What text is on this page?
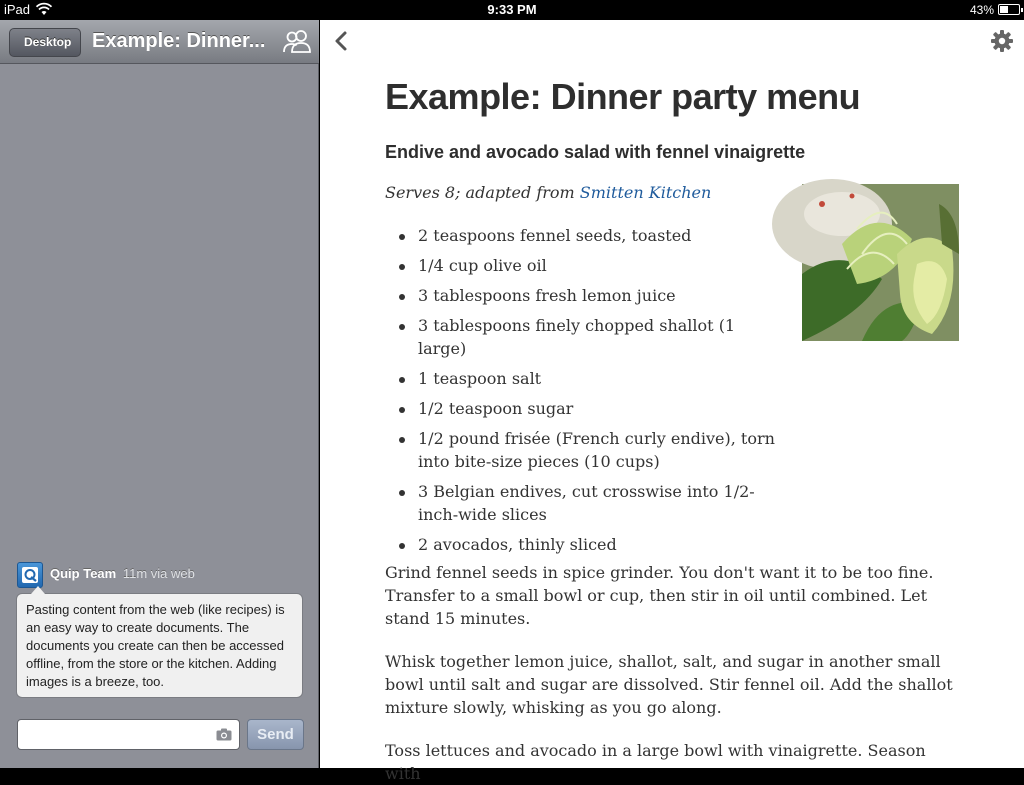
iPad	9:33 PM	43%
Desktop	Example: Dinner...
Quip Team 11m via web
Pasting content from the web (like recipes) is an easy way to create documents. The documents you create can then be accessed offline, from the store or the kitchen. Adding images is a breeze, too.
Send
Example: Dinner party menu
Endive and avocado salad with fennel vinaigrette
Serves 8; adapted from Smitten Kitchen
2 teaspoons fennel seeds, toasted
1/4 cup olive oil
3 tablespoons fresh lemon juice
3 tablespoons finely chopped shallot (1 large)
1 teaspoon salt
1/2 teaspoon sugar
1/2 pound frisée (French curly endive), torn into bite-size pieces (10 cups)
3 Belgian endives, cut crosswise into 1/2-inch-wide slices
2 avocados, thinly sliced

Grind fennel seeds in spice grinder. You don't want it to be too fine. Transfer to a small bowl or cup, then stir in oil until combined. Let stand 15 minutes.

Whisk together lemon juice, shallot, salt, and sugar in another small bowl until salt and sugar are dissolved. Stir fennel oil. Add the shallot mixture slowly, whisking as you go along.

Toss lettuces and avocado in a large bowl with vinaigrette. Season with
